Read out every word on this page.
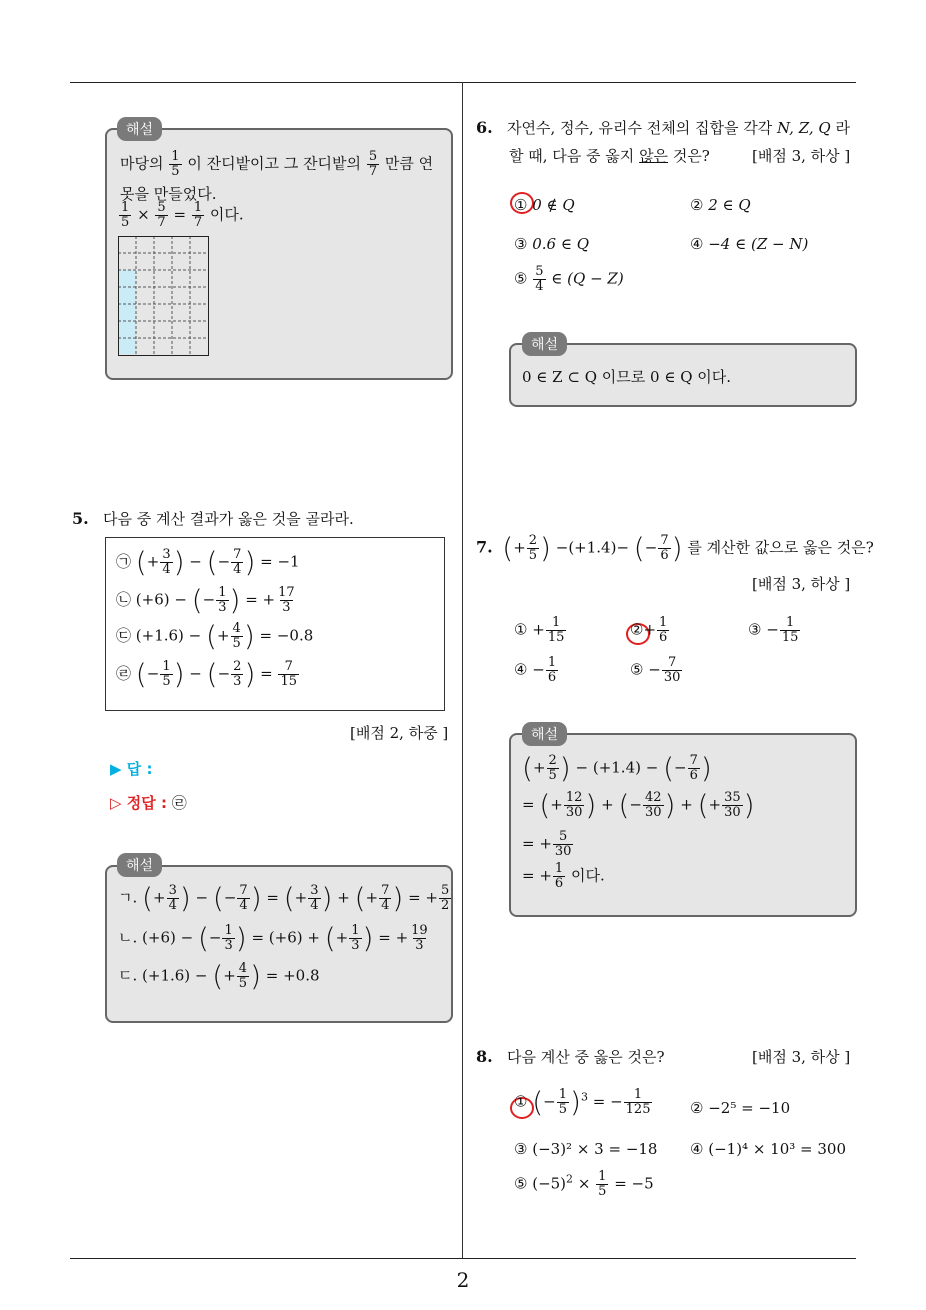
해설
마당의 $\frac{1}{5}$ 이 잔디밭이고 그 잔디밭의 $\frac{5}{7}$ 만큼 연
못을 만들었다.
$\frac{1}{5} \times \frac{5}{7} = \frac{1}{7}$ 이다.
5. 다음 중 계산 결과가 옳은 것을 골라라.
㉠ (+ $\frac{3}{4}$ ) − (− $\frac{7}{4}$ ) = −1
㉡ (+6) − (− $\frac{1}{3}$ ) = + $\frac{17}{3}$
㉢ (+1.6) − (+ $\frac{4}{5}$ ) = −0.8
㉣ (− $\frac{1}{5}$ ) − (− $\frac{2}{3}$ ) = $\frac{7}{15}$
[배점 2, 하중 ]
▶ 답 :
▷ 정답 : ㉣
해설
ㄱ. (+ $\frac{3}{4}$ ) − (− $\frac{7}{4}$ ) = (+ $\frac{3}{4}$ ) + (+ $\frac{7}{4}$ ) = + $\frac{5}{2}$
ㄴ. (+6) − (− $\frac{1}{3}$ ) = (+6) + (+ $\frac{1}{3}$ ) = + $\frac{19}{3}$
ㄷ. (+1.6) − (+ $\frac{4}{5}$ ) = +0.8
6. 자연수, 정수, 유리수 전체의 집합을 각각 N, Z, Q 라
할 때, 다음 중 옳지 않은 것은?	[배점 3, 하상 ]
① 0 ∉ Q	② 2 ∈ Q
③ 0.6 ∈ Q	④ −4 ∈ (Z − N)
⑤ $\frac{5}{4}$ ∈ (Q − Z)
해설
0 ∈ Z ⊂ Q 이므로 0 ∈ Q 이다.
7. (+ $\frac{2}{5}$ ) −(+1.4)− (− $\frac{7}{6}$ ) 를 계산한 값으로 옳은 것은?
[배점 3, 하상 ]
① + $\frac{1}{15}$	②+ $\frac{1}{6}$	③ − $\frac{1}{15}$
④ − $\frac{1}{6}$	⑤ − $\frac{7}{30}$
해설
(+ $\frac{2}{5}$ ) − (+1.4) − (− $\frac{7}{6}$ )
= (+ $\frac{12}{30}$ ) + (− $\frac{42}{30}$ ) + (+ $\frac{35}{30}$ )
= + $\frac{5}{30}$
= + $\frac{1}{6}$ 이다.
8. 다음 계산 중 옳은 것은?	[배점 3, 하상 ]
① (− $\frac{1}{5} )^3$ = − $\frac{1}{125}$	② −2⁵ = −10
③ (−3)² × 3 = −18 ④ (−1)⁴ × 10³ = 300
⑤ $(-5)^2 \times \frac{1}{5} = -5$
2
